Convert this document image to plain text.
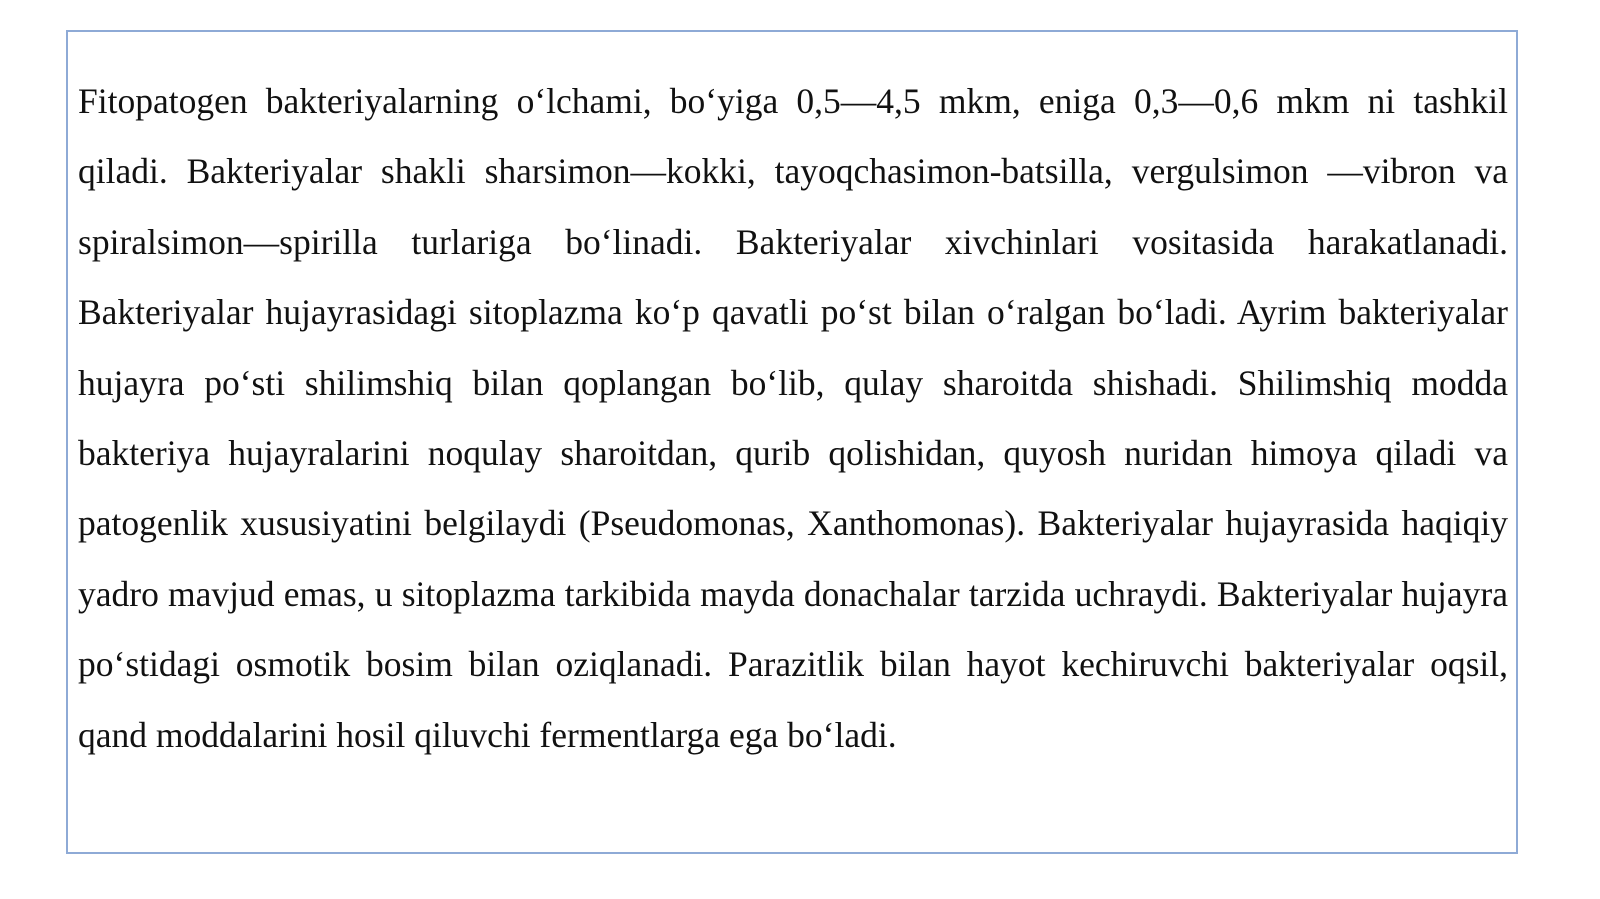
Fitopatogen bakteriyalarning o‘lchami, bo‘yiga 0,5—4,5 mkm, eniga 0,3—0,6 mkm ni tashkil qiladi. Bakteriyalar shakli sharsimon—kokki, tayoqchasimon-batsilla, vergulsimon —vibron va spiralsimon—spirilla turlariga bo‘linadi. Bakteriyalar xivchinlari vositasida harakatlanadi. Bakteriyalar hujayrasidagi sitoplazma ko‘p qavatli po‘st bilan o‘ralgan bo‘ladi. Ayrim bakteriyalar hujayra po‘sti shilimshiq bilan qoplangan bo‘lib, qulay sharoitda shishadi. Shilimshiq modda bakteriya hujayralarini noqulay sharoitdan, qurib qolishidan, quyosh nuridan himoya qiladi va patogenlik xususiyatini belgilaydi (Pseudomonas, Xanthomonas). Bakteriyalar hujayrasida haqiqiy yadro mavjud emas, u sitoplazma tarkibida mayda donachalar tarzida uchraydi. Bakteriyalar hujayra po‘stidagi osmotik bosim bilan oziqlanadi. Parazitlik bilan hayot kechiruvchi bakteriyalar oqsil, qand moddalarini hosil qiluvchi fermentlarga ega bo‘ladi.
